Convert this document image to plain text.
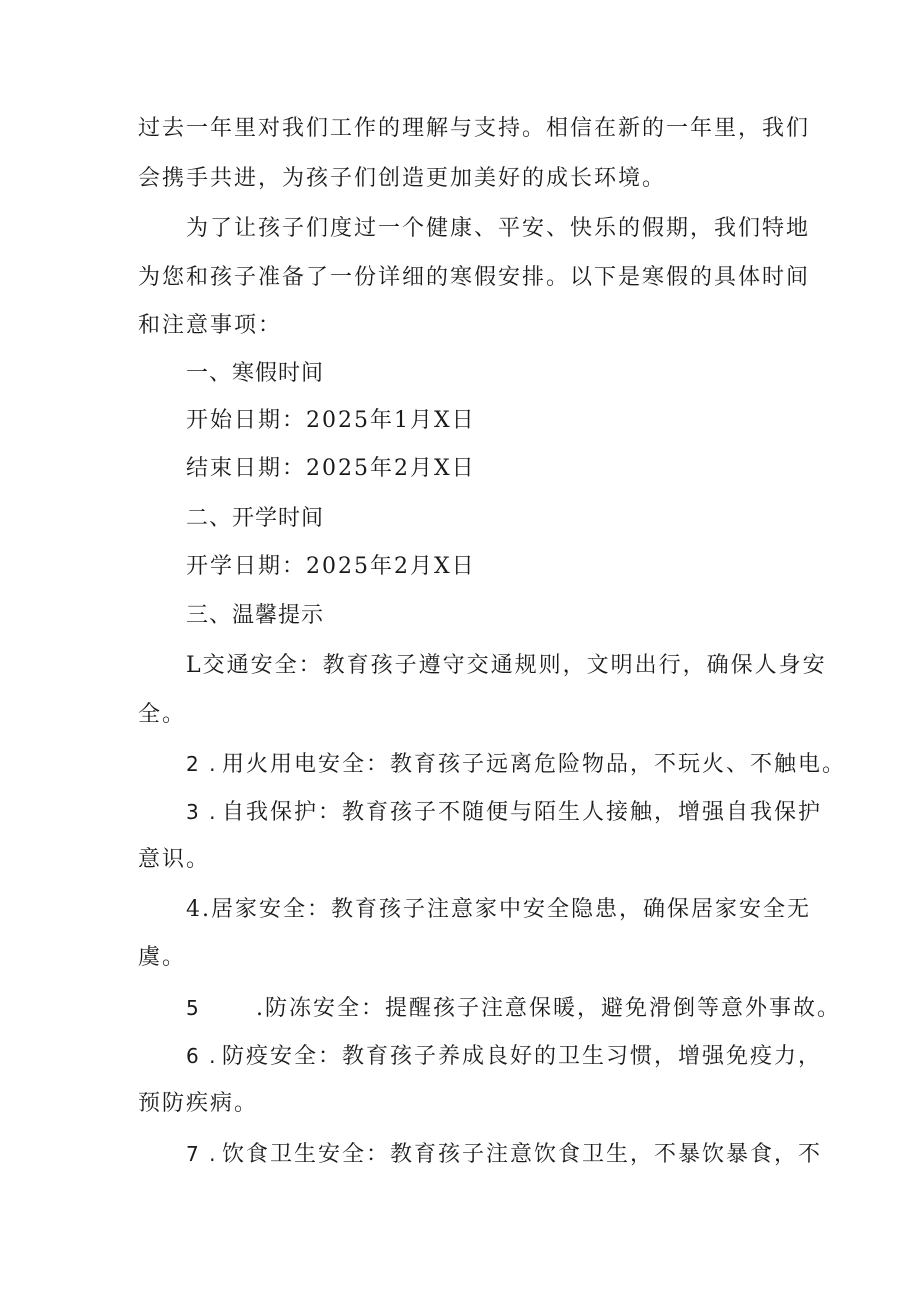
过去一年里对我们工作的理解与支持。相信在新的一年里，我们
会携手共进，为孩子们创造更加美好的成长环境。
为了让孩子们度过一个健康、平安、快乐的假期，我们特地
为您和孩子准备了一份详细的寒假安排。以下是寒假的具体时间
和注意事项：
一、寒假时间
开始日期：2025年1月X日
结束日期：2025年2月X日
二、开学时间
开学日期：2025年2月X日
三、温馨提示
L交通安全：教育孩子遵守交通规则，文明出行，确保人身安
全。
2 . 用火用电安全：教育孩子远离危险物品，不玩火、不触电。
3 . 自我保护：教育孩子不随便与陌生人接触，增强自我保护
意识。
4.居家安全：教育孩子注意家中安全隐患，确保居家安全无
虞。
5	.防冻安全：提醒孩子注意保暖，避免滑倒等意外事故。
6 . 防疫安全：教育孩子养成良好的卫生习惯，增强免疫力，
预防疾病。
7 . 饮食卫生安全：教育孩子注意饮食卫生，不暴饮暴食，不
